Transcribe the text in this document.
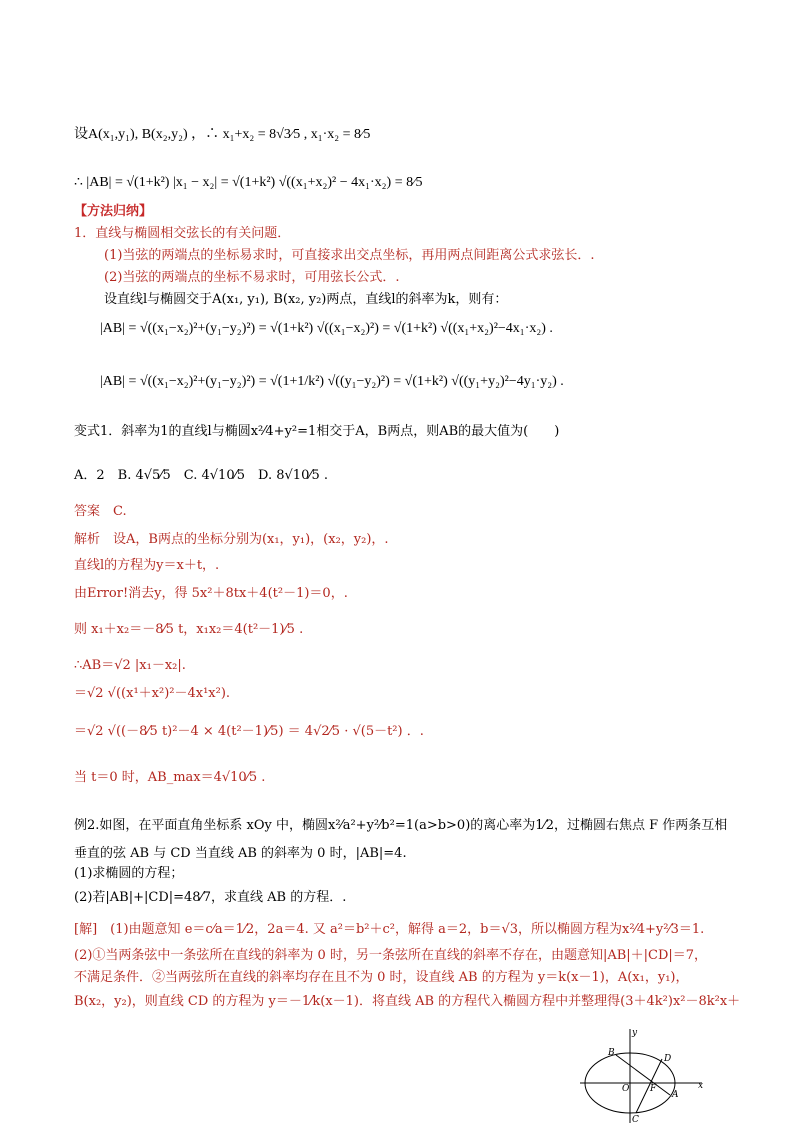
设A(x₁,y₁), B(x₂,y₂) ，∴ x₁+x₂ = 8√3⁄5 , x₁·x₂ = 8⁄5
∴ |AB| = √(1+k²) |x₁ − x₂| = √(1+k²) √((x₁+x₂)² − 4x₁·x₂) = 8⁄5
【方法归纳】
1．直线与椭圆相交弦长的有关问题．
(1)当弦的两端点的坐标易求时，可直接求出交点坐标，再用两点间距离公式求弦长．.
(2)当弦的两端点的坐标不易求时，可用弦长公式．.
设直线l与椭圆交于A(x₁, y₁), B(x₂, y₂)两点，直线l的斜率为k，则有：
|AB| = √((x₁−x₂)²+(y₁−y₂)²) = √(1+k²) √((x₁−x₂)²) = √(1+k²) √((x₁+x₂)²−4x₁·x₂) .
|AB| = √((x₁−x₂)²+(y₁−y₂)²) = √(1+1/k²) √((y₁−y₂)²) = √(1+k²) √((y₁+y₂)²−4y₁·y₂) .
变式1．斜率为1的直线l与椭圆x²⁄4+y²=1相交于A，B两点，则AB的最大值为(　　)
A．2　B. 4√5⁄5　C. 4√10⁄5　D. 8√10⁄5 .
答案　C.
解析　设A，B两点的坐标分别为(x₁，y₁)，(x₂，y₂)，.
直线l的方程为y＝x＋t，.
由Error!消去y，得 5x²＋8tx＋4(t²－1)＝0，.
则 x₁＋x₂＝－8⁄5 t，x₁x₂＝4(t²－1)⁄5 .
∴AB＝√2 |x₁－x₂|.
＝√2 √((x¹＋x²)²－4x¹x²).
＝√2 √((－8⁄5 t)²－4 × 4(t²－1)⁄5) ＝ 4√2⁄5 · √(5－t²) ．.
当 t＝0 时，AB_max＝4√10⁄5 .
例2.如图，在平面直角坐标系 xOy 中，椭圆x²⁄a²+y²⁄b²=1(a>b>0)的离心率为1⁄2，过椭圆右焦点 F 作两条互相
垂直的弦 AB 与 CD 当直线 AB 的斜率为 0 时，|AB|=4.
(1)求椭圆的方程；
(2)若|AB|+|CD|=48⁄7，求直线 AB 的方程．.
[解]　(1)由题意知 e＝c⁄a＝1⁄2，2a＝4. 又 a²＝b²＋c²，解得 a＝2，b＝√3，所以椭圆方程为x²⁄4+y²⁄3＝1.
(2)①当两条弦中一条弦所在直线的斜率为 0 时，另一条弦所在直线的斜率不存在，由题意知|AB|＋|CD|＝7，
不满足条件．②当两弦所在直线的斜率均存在且不为 0 时，设直线 AB 的方程为 y＝k(x－1)，A(x₁，y₁)，
B(x₂，y₂)，则直线 CD 的方程为 y＝－1⁄k(x－1)．将直线 AB 的方程代入椭圆方程中并整理得(3＋4k²)x²－8k²x＋
y
x
B
D
O F
A
C
